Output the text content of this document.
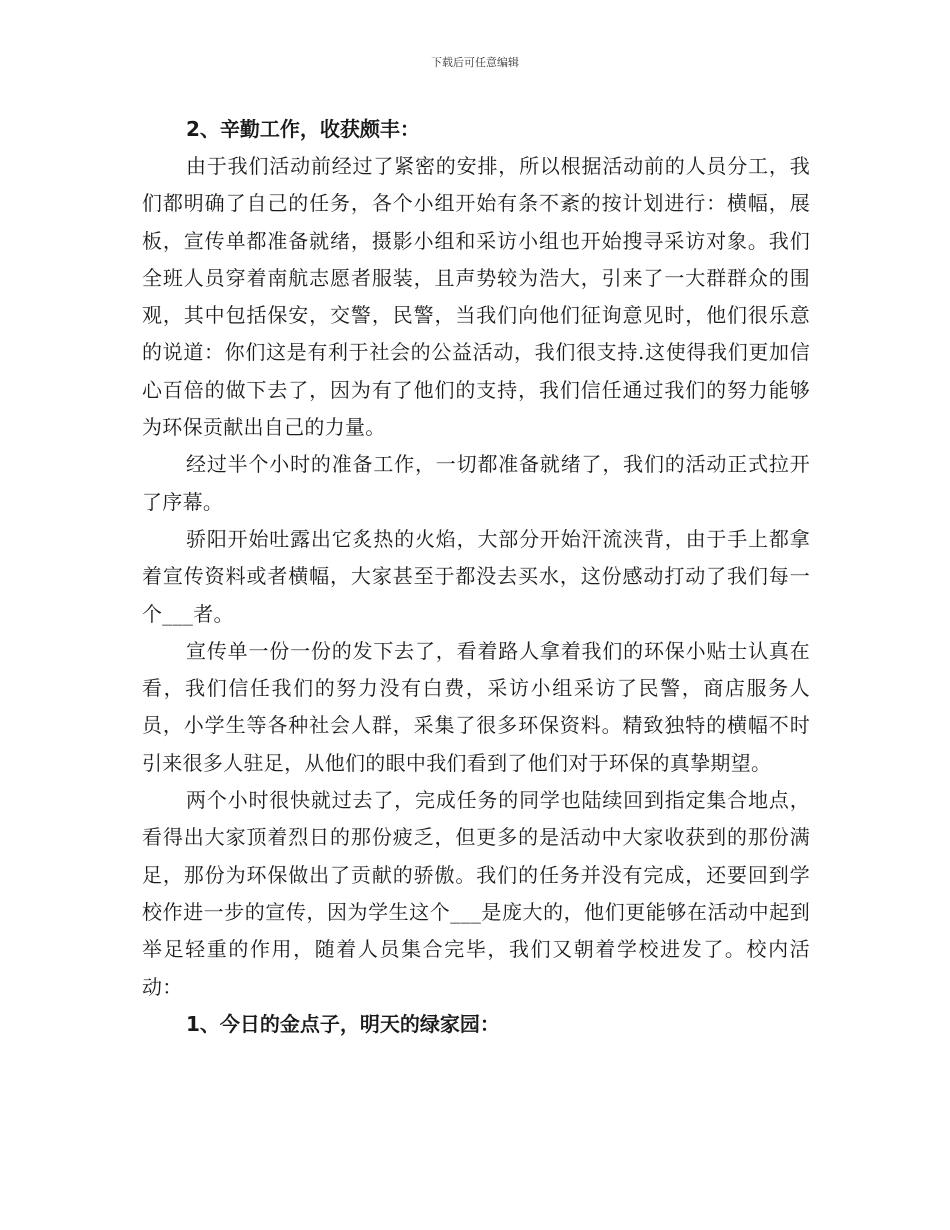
下载后可任意编辑

2、辛勤工作，收获颇丰：

由于我们活动前经过了紧密的安排，所以根据活动前的人员分工，我们都明确了自己的任务，各个小组开始有条不紊的按计划进行：横幅，展板，宣传单都准备就绪，摄影小组和采访小组也开始搜寻采访对象。我们全班人员穿着南航志愿者服装，且声势较为浩大，引来了一大群群众的围观，其中包括保安，交警，民警，当我们向他们征询意见时，他们很乐意的说道：你们这是有利于社会的公益活动，我们很支持.这使得我们更加信心百倍的做下去了，因为有了他们的支持，我们信任通过我们的努力能够为环保贡献出自己的力量。

经过半个小时的准备工作，一切都准备就绪了，我们的活动正式拉开了序幕。

骄阳开始吐露出它炙热的火焰，大部分开始汗流浃背，由于手上都拿着宣传资料或者横幅，大家甚至于都没去买水，这份感动打动了我们每一个___者。

宣传单一份一份的发下去了，看着路人拿着我们的环保小贴士认真在看，我们信任我们的努力没有白费，采访小组采访了民警，商店服务人员，小学生等各种社会人群，采集了很多环保资料。精致独特的横幅不时引来很多人驻足，从他们的眼中我们看到了他们对于环保的真挚期望。

两个小时很快就过去了，完成任务的同学也陆续回到指定集合地点，看得出大家顶着烈日的那份疲乏，但更多的是活动中大家收获到的那份满足，那份为环保做出了贡献的骄傲。我们的任务并没有完成，还要回到学校作进一步的宣传，因为学生这个___是庞大的，他们更能够在活动中起到举足轻重的作用，随着人员集合完毕，我们又朝着学校进发了。校内活动：

1、今日的金点子，明天的绿家园：
